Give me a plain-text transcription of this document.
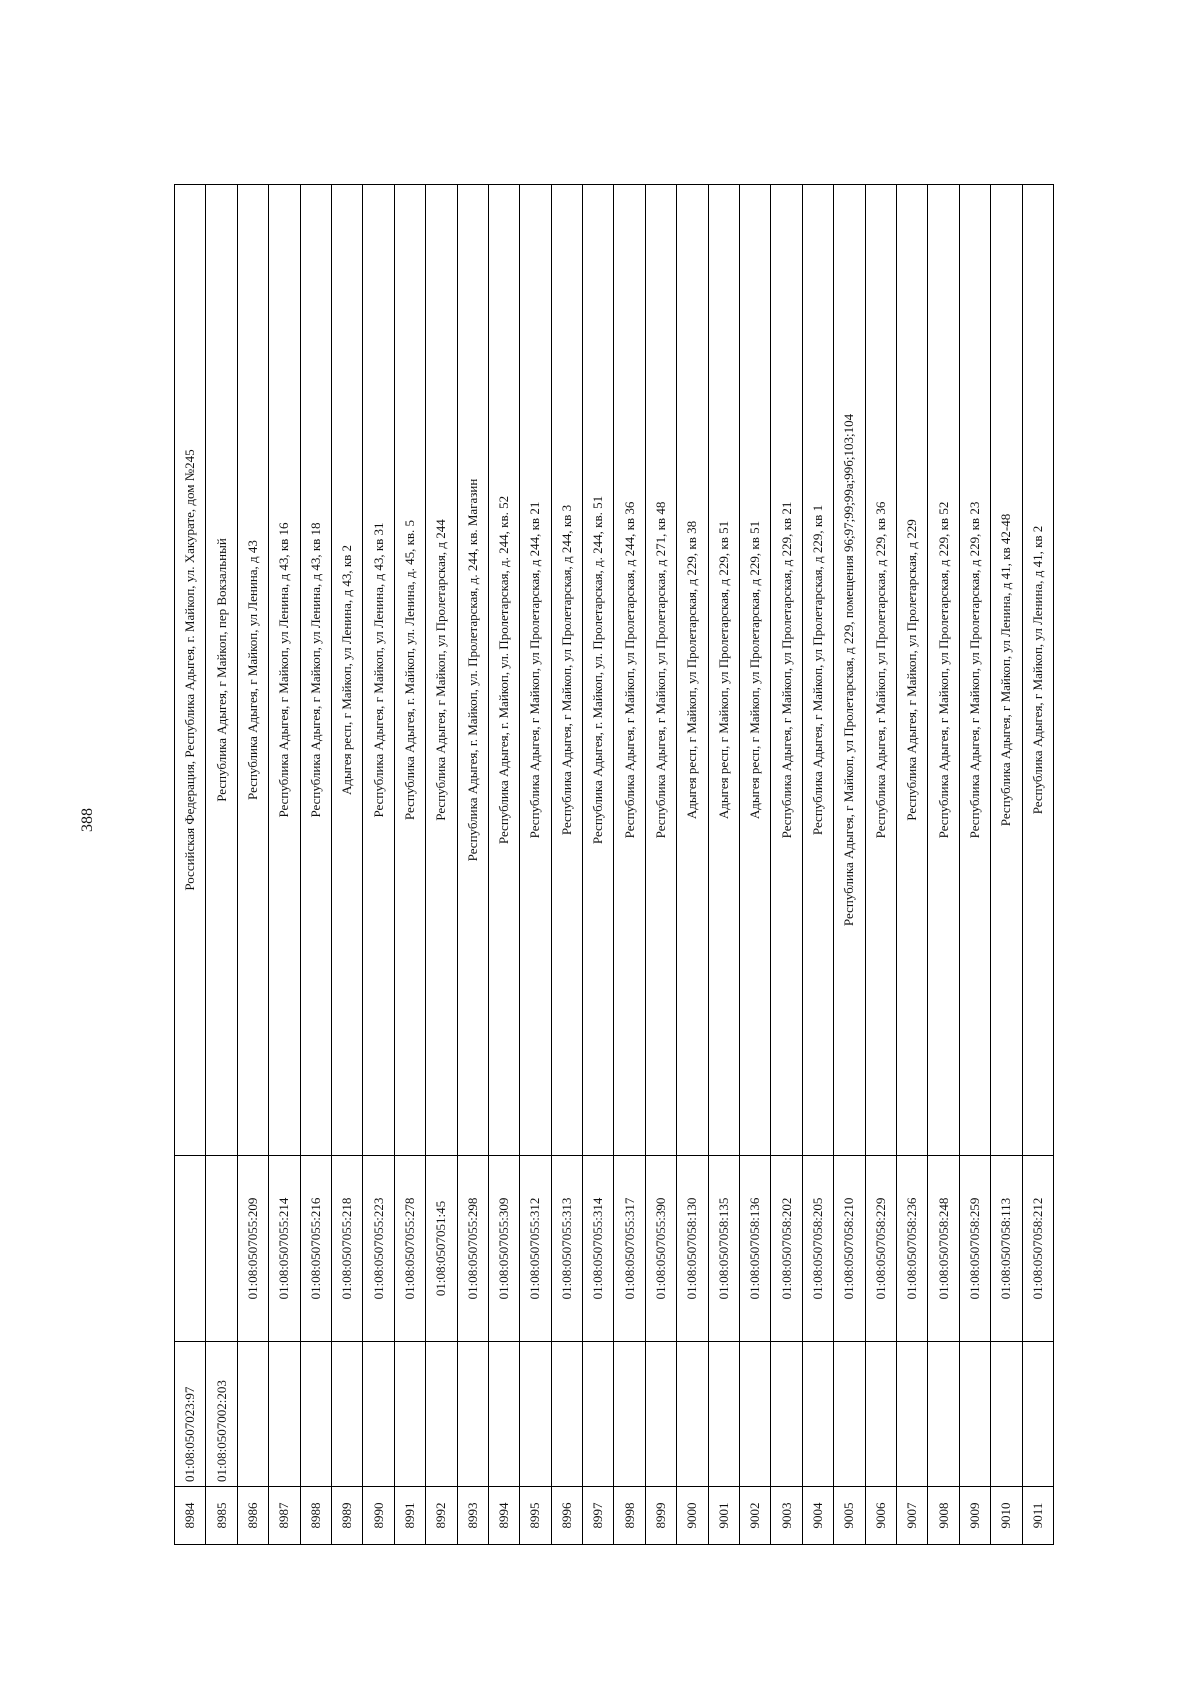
388
8984	01:08:0507023:97		Российская Федерация, Республика Адыгея, г. Майкоп, ул. Хакурате, дом №245
8985	01:08:0507002:203		Республика Адыгея, г Майкоп, пер Вокзальный
8986		01:08:0507055:209	Республика Адыгея, г Майкоп, ул Ленина, д 43
8987		01:08:0507055:214	Республика Адыгея, г Майкоп, ул Ленина, д 43, кв 16
8988		01:08:0507055:216	Республика Адыгея, г Майкоп, ул Ленина, д 43, кв 18
8989		01:08:0507055:218	Адыгея респ, г Майкоп, ул Ленина, д 43, кв 2
8990		01:08:0507055:223	Республика Адыгея, г Майкоп, ул Ленина, д 43, кв 31
8991		01:08:0507055:278	Республика Адыгея, г. Майкоп, ул. Ленина, д. 45, кв. 5
8992		01:08:0507051:45	Республика Адыгея, г Майкоп, ул Пролетарская, д 244
8993		01:08:0507055:298	Республика Адыгея, г. Майкоп, ул. Пролетарская, д. 244, кв. Магазин
8994		01:08:0507055:309	Республика Адыгея, г. Майкоп, ул. Пролетарская, д. 244, кв. 52
8995		01:08:0507055:312	Республика Адыгея, г Майкоп, ул Пролетарская, д 244, кв 21
8996		01:08:0507055:313	Республика Адыгея, г Майкоп, ул Пролетарская, д 244, кв 3
8997		01:08:0507055:314	Республика Адыгея, г. Майкоп, ул. Пролетарская, д. 244, кв. 51
8998		01:08:0507055:317	Республика Адыгея, г Майкоп, ул Пролетарская, д 244, кв 36
8999		01:08:0507055:390	Республика Адыгея, г Майкоп, ул Пролетарская, д 271, кв 48
9000		01:08:0507058:130	Адыгея респ, г Майкоп, ул Пролетарская, д 229, кв 38
9001		01:08:0507058:135	Адыгея респ, г Майкоп, ул Пролетарская, д 229, кв 51
9002		01:08:0507058:136	Адыгея респ, г Майкоп, ул Пролетарская, д 229, кв 51
9003		01:08:0507058:202	Республика Адыгея, г Майкоп, ул Пролетарская, д 229, кв 21
9004		01:08:0507058:205	Республика Адыгея, г Майкоп, ул Пролетарская, д 229, кв 1
9005		01:08:0507058:210	Республика Адыгея, г Майкоп, ул Пролетарская, д 229, помещения 96;97;99;99а;99б;103;104
9006		01:08:0507058:229	Республика Адыгея, г Майкоп, ул Пролетарская, д 229, кв 36
9007		01:08:0507058:236	Республика Адыгея, г Майкоп, ул Пролетарская, д 229
9008		01:08:0507058:248	Республика Адыгея, г Майкоп, ул Пролетарская, д 229, кв 52
9009		01:08:0507058:259	Республика Адыгея, г Майкоп, ул Пролетарская, д 229, кв 23
9010		01:08:0507058:113	Республика Адыгея, г Майкоп, ул Ленина, д 41, кв 42-48
9011		01:08:0507058:212	Республика Адыгея, г Майкоп, ул Ленина, д 41, кв 2
